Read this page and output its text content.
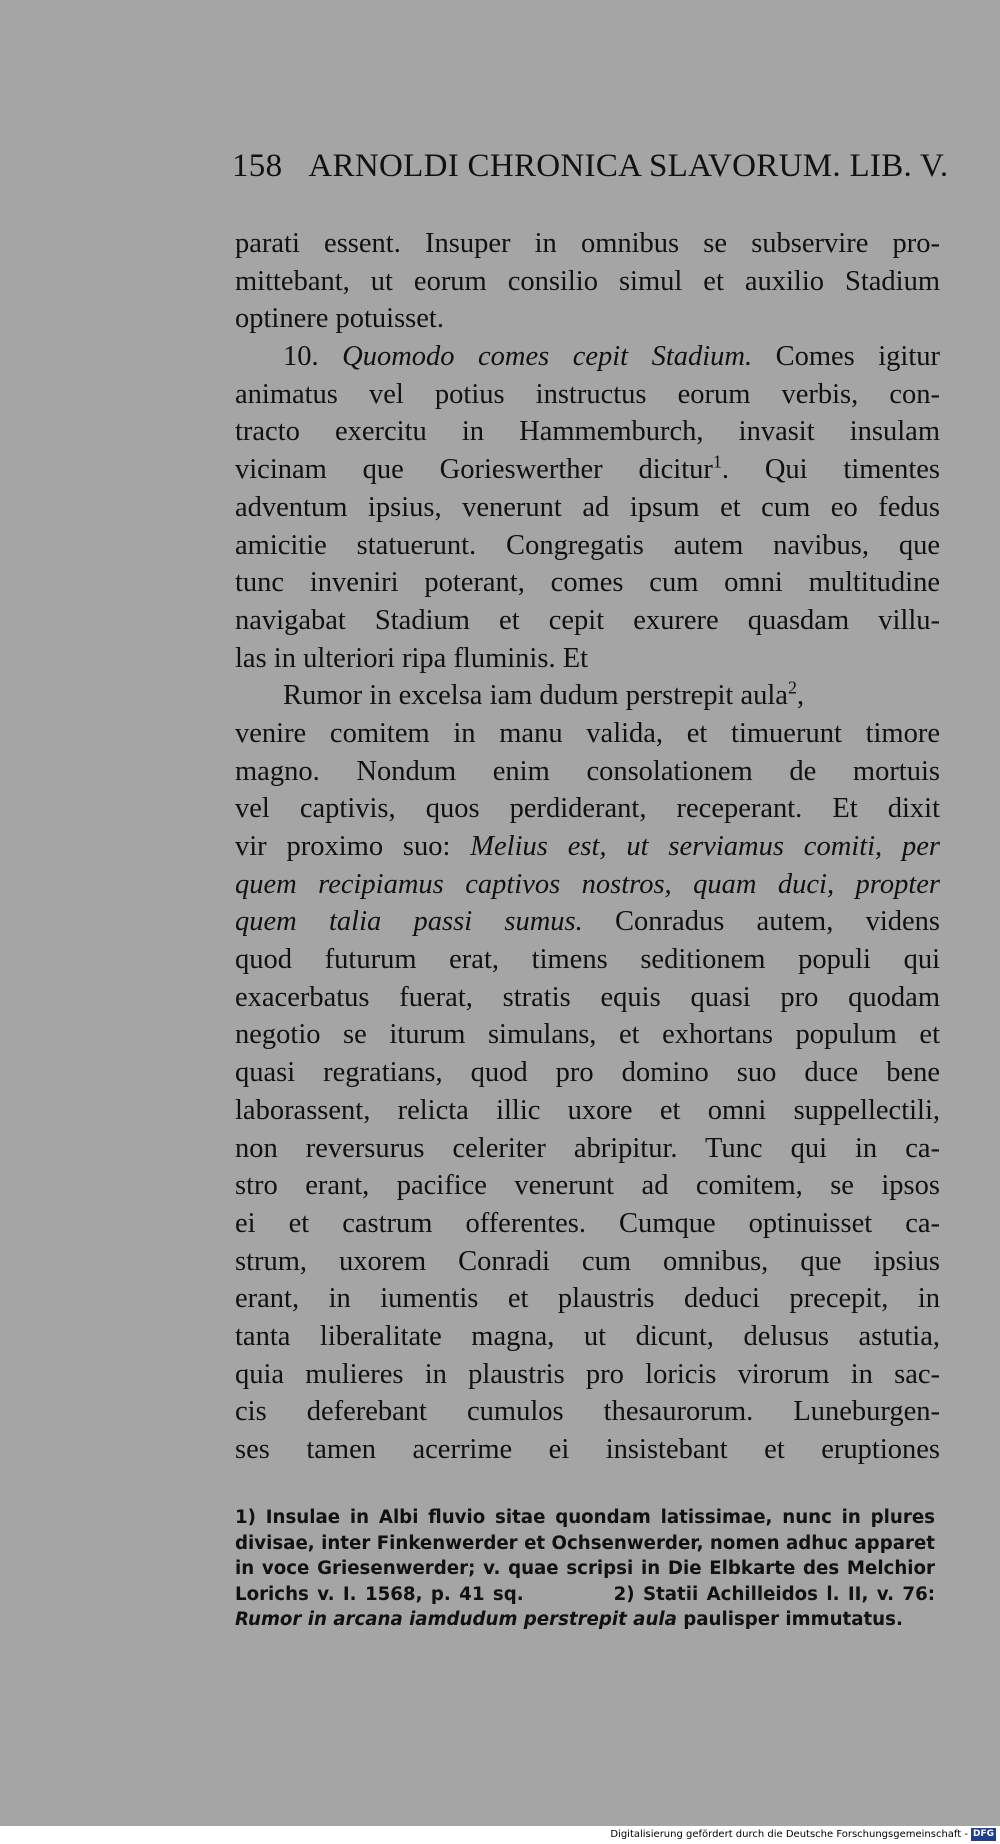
158 ARNOLDI CHRONICA SLAVORUM. LIB. V.
parati essent. Insuper in omnibus se subservire pro-
mittebant, ut eorum consilio simul et auxilio Stadium
optinere potuisset.
10. Quomodo comes cepit Stadium. Comes igitur
animatus vel potius instructus eorum verbis, con-
tracto exercitu in Hammemburch, invasit insulam
vicinam que Gorieswerther dicitur$^1$. Qui timentes
adventum ipsius, venerunt ad ipsum et cum eo fedus
amicitie statuerunt. Congregatis autem navibus, que
tunc inveniri poterant, comes cum omni multitudine
navigabat Stadium et cepit exurere quasdam villu-
las in ulteriori ripa fluminis. Et
Rumor in excelsa iam dudum perstrepit aula$^2$,
venire comitem in manu valida, et timuerunt timore
magno. Nondum enim consolationem de mortuis
vel captivis, quos perdiderant, receperant. Et dixit
vir proximo suo: Melius est, ut serviamus comiti, per
quem recipiamus captivos nostros, quam duci, propter
quem talia passi sumus. Conradus autem, videns
quod futurum erat, timens seditionem populi qui
exacerbatus fuerat, stratis equis quasi pro quodam
negotio se iturum simulans, et exhortans populum et
quasi regratians, quod pro domino suo duce bene
laborassent, relicta illic uxore et omni suppellectili,
non reversurus celeriter abripitur. Tunc qui in ca-
stro erant, pacifice venerunt ad comitem, se ipsos
ei et castrum offerentes. Cumque optinuisset ca-
strum, uxorem Conradi cum omnibus, que ipsius
erant, in iumentis et plaustris deduci precepit, in
tanta liberalitate magna, ut dicunt, delusus astutia,
quia mulieres in plaustris pro loricis virorum in sac-
cis deferebant cumulos thesaurorum. Luneburgen-
ses tamen acerrime ei insistebant et eruptiones
1) Insulae in Albi fluvio sitae quondam latissimae, nunc in plures
divisae, inter Finkenwerder et Ochsenwerder, nomen adhuc apparet
in voce Griesenwerder; v. quae scripsi in Die Elbkarte des Melchior
Lorichs v. I. 1568, p. 41 sq.	2) Statii Achilleidos l. II, v. 76:
Rumor in arcana iamdudum perstrepit aula paulisper immutatus.
Digitalisierung gefördert durch die Deutsche Forschungsgemeinschaft - DFG
